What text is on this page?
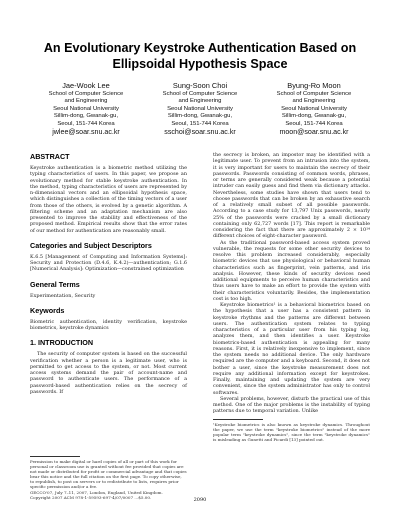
An Evolutionary Keystroke Authentication Based on
Ellipsoidal Hypothesis Space
Jae-Wook Lee
School of Computer Science
and Engineering
Seoul National University
Sillim-dong, Gwanak-gu,
Seoul, 151-744 Korea
jwlee@soar.snu.ac.kr
Sung-Soon Choi
School of Computer Science
and Engineering
Seoul National University
Sillim-dong, Gwanak-gu,
Seoul, 151-744 Korea
sschoi@soar.snu.ac.kr
Byung-Ro Moon
School of Computer Science
and Engineering
Seoul National University
Sillim-dong, Gwanak-gu,
Seoul, 151-744 Korea
moon@soar.snu.ac.kr
ABSTRACT

Keystroke authentication is a biometric method utilizing the typing characteristics of users. In this paper, we propose an evolutionary method for stable keystroke authentication. In the method, typing characteristics of users are represented by n-dimensional vectors and an ellipsoidal hypothesis space, which distinguishes a collection of the timing vectors of a user from those of the others, is evolved by a genetic algorithm. A filtering scheme and an adaptation mechanism are also presented to improve the stability and effectiveness of the proposed method. Empirical results show that the error rates of our method for authentication are reasonably small.

Categories and Subject Descriptors

K.6.5 [Management of Computing and Information Systems]: Security and Protection (D.4.6, K.4.2)—authentication; G.1.6 [Numerical Analysis]: Optimization—constrained optimization

General Terms

Experimentation, Security

Keywords

Biometric authentication, identity verification, keystroke biometrics, keystroke dynamics

1. INTRODUCTION

The security of computer system is based on the successful verification whether a person is a legitimate user, who is permitted to get access to the system, or not. Most current access systems demand the pair of account-name and password to authenticate users. The performance of a password-based authentication relies on the secrecy of passwords. If

Permission to make digital or hard copies of all or part of this work for personal or classroom use is granted without fee provided that copies are not made or distributed for profit or commercial advantage and that copies bear this notice and the full citation on the first page. To copy otherwise, to republish, to post on servers or to redistribute to lists, requires prior specific permission and/or a fee.
GECCO'07, July 7–11, 2007, London, England, United Kingdom.
Copyright 2007 ACM 978-1-59593-697-4/07/0007 ...$5.00.

the secrecy is broken, an impostor may be identified with a legitimate user. To prevent from an intrusion into the system, it is very important for users to maintain the secrecy of their passwords. Passwords consisting of common words, phrases, or terms are generally considered weak because a potential intruder can easily guess and find them via dictionary attacks. Nevertheless, some studies have shown that users tend to choose passwords that can be broken by an exhaustive search of a relatively small subset of all possible passwords. According to a case study for 13,797 Unix passwords, nearly 25% of the passwords were cracked by a small dictionary containing only 62,727 words [17]. This report is remarkable considering the fact that there are approximately 2 × 10¹⁴ different choices of eight-character password.

As the traditional password-based access system proved vulnerable, the requests for some other security devices to resolve this problem increased considerably, especially biometric devices that use physiological or behavioral human characteristics such as fingerprint, vein patterns, and iris analysis. However, these kinds of security devices need additional equipments to perceive human characteristics and thus users have to make an effort to provide the system with their characteristics voluntarily. Besides, the implementation cost is too high.

Keystroke biometrics¹ is a behavioral biometrics based on the hypothesis that a user has a consistent pattern in keystroke rhythms and the patterns are different between users. The authentication system relates to typing characteristics of a particular user from his typing log, analyzes them, and then identifies a user. Keystroke biometrics-based authentication is appealing for many reasons. First, it is relatively inexpensive to implement, since the system needs no additional device. The only hardware required are the computer and a keyboard. Second, it does not bother a user, since the keystroke measurement does not require any additional information except for keystrokes. Finally, maintaining and updating the system are very convenient, since the system administrator has only to control softwares.

Several problems, however, disturb the practical use of this method. One of the major problems is the instability of typing patterns due to temporal variation. Unlike

¹Keystroke biometrics is also known as keystroke dynamics. Throughout the paper, we use the term "keystroke biometrics" instead of the more popular term "keystroke dynamics", since the term "keystroke dynamics" is misleading as Gunetti and Picardi [13] pointed out.
2090
